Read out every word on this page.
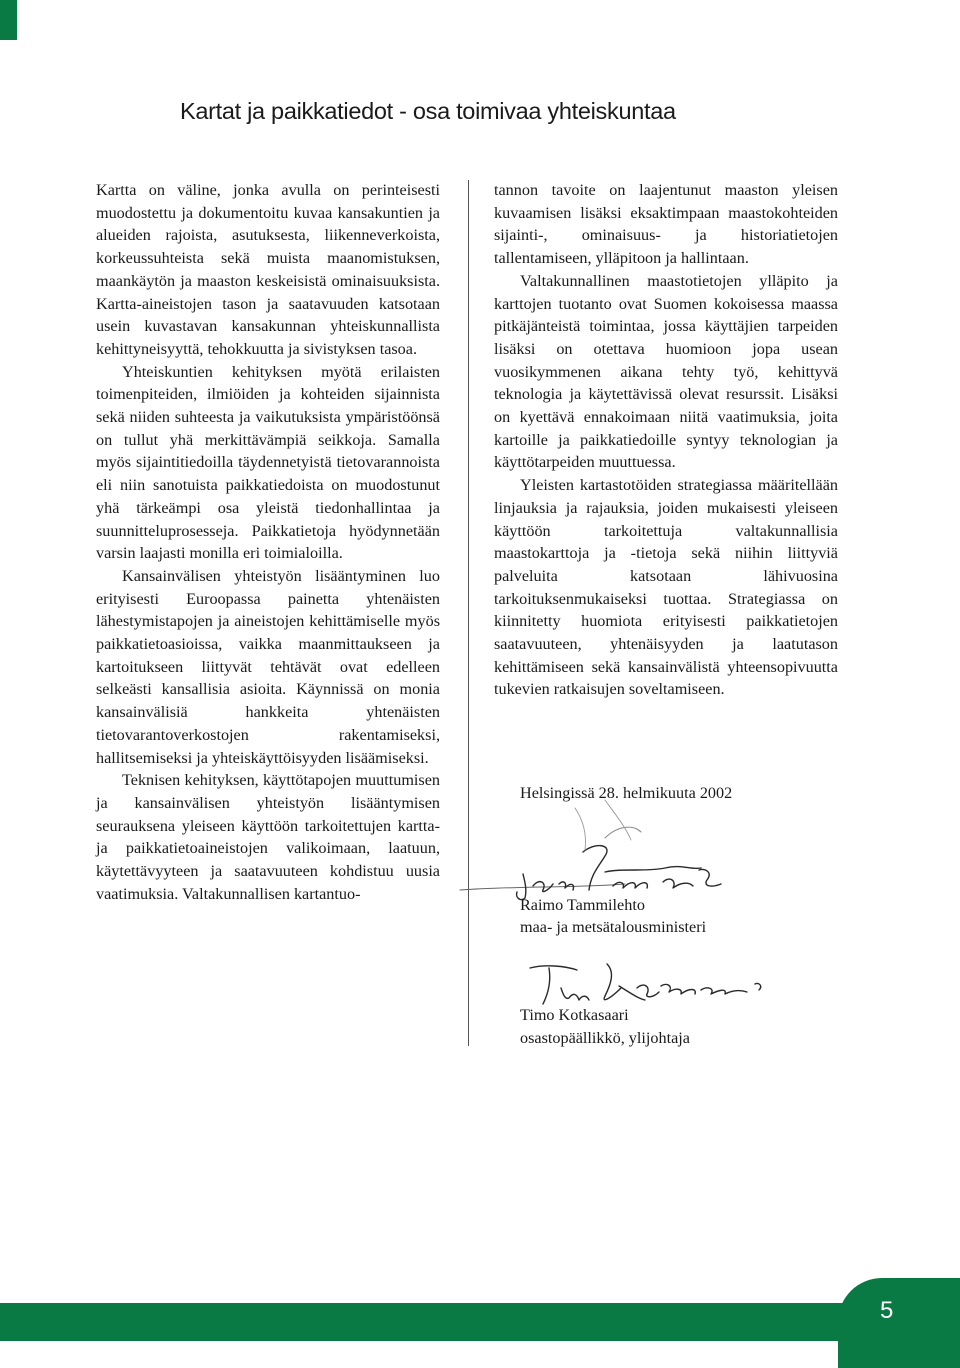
Kartat ja paikkatiedot - osa toimivaa yhteiskuntaa

Kartta on väline, jonka avulla on perinteisesti muodostettu ja dokumentoitu kuvaa kansakuntien ja alueiden rajoista, asutuksesta, liikenneverkoista, korkeussuhteista sekä muista maanomistuksen, maankäytön ja maaston keskeisistä ominaisuuksista. Kartta-aineistojen tason ja saatavuuden katsotaan usein kuvastavan kansakunnan yhteiskunnallista kehittyneisyyttä, tehokkuutta ja sivistyksen tasoa.

Yhteiskuntien kehityksen myötä erilaisten toimenpiteiden, ilmiöiden ja kohteiden sijainnista sekä niiden suhteesta ja vaikutuksista ympäristöönsä on tullut yhä merkittävämpiä seikkoja. Samalla myös sijaintitiedoilla täydennetyistä tietovarannoista eli niin sanotuista paikkatiedoista on muodostunut yhä tärkeämpi osa yleistä tiedonhallintaa ja suunnitteluprosesseja. Paikkatietoja hyödynnetään varsin laajasti monilla eri toimialoilla.

Kansainvälisen yhteistyön lisääntyminen luo erityisesti Euroopassa painetta yhtenäisten lähestymistapojen ja aineistojen kehittämiselle myös paikkatietoasioissa, vaikka maanmittaukseen ja kartoitukseen liittyvät tehtävät ovat edelleen selkeästi kansallisia asioita. Käynnissä on monia kansainvälisiä hankkeita yhtenäisten tietovarantoverkostojen rakentamiseksi, hallitsemiseksi ja yhteiskäyttöisyyden lisäämiseksi.

Teknisen kehityksen, käyttötapojen muuttumisen ja kansainvälisen yhteistyön lisääntymisen seurauksena yleiseen käyttöön tarkoitettujen kartta- ja paikkatietoaineistojen valikoimaan, laatuun, käytettävyyteen ja saatavuuteen kohdistuu uusia vaatimuksia. Valtakunnallisen kartantuo-

tannon tavoite on laajentunut maaston yleisen kuvaamisen lisäksi eksaktimpaan maastokohteiden sijainti-, ominaisuus- ja historiatietojen tallentamiseen, ylläpitoon ja hallintaan.

Valtakunnallinen maastotietojen ylläpito ja karttojen tuotanto ovat Suomen kokoisessa maassa pitkäjänteistä toimintaa, jossa käyttäjien tarpeiden lisäksi on otettava huomioon jopa usean vuosikymmenen aikana tehty työ, kehittyvä teknologia ja käytettävissä olevat resurssit. Lisäksi on kyettävä ennakoimaan niitä vaatimuksia, joita kartoille ja paikkatiedoille syntyy teknologian ja käyttötarpeiden muuttuessa.

Yleisten kartastotöiden strategiassa määritellään linjauksia ja rajauksia, joiden mukaisesti yleiseen käyttöön tarkoitettuja valtakunnallisia maastokarttoja ja -tietoja sekä niihin liittyviä palveluita katsotaan lähivuosina tarkoituksenmukaiseksi tuottaa. Strategiassa on kiinnitetty huomiota erityisesti paikkatietojen saatavuuteen, yhtenäisyyden ja laatutason kehittämiseen sekä kansainvälistä yhteensopivuutta tukevien ratkaisujen soveltamiseen.

Helsingissä 28. helmikuuta 2002
Raimo Tammilehto
maa- ja metsätalousministeri
Timo Kotkasaari
osastopäällikkö, ylijohtaja
5
